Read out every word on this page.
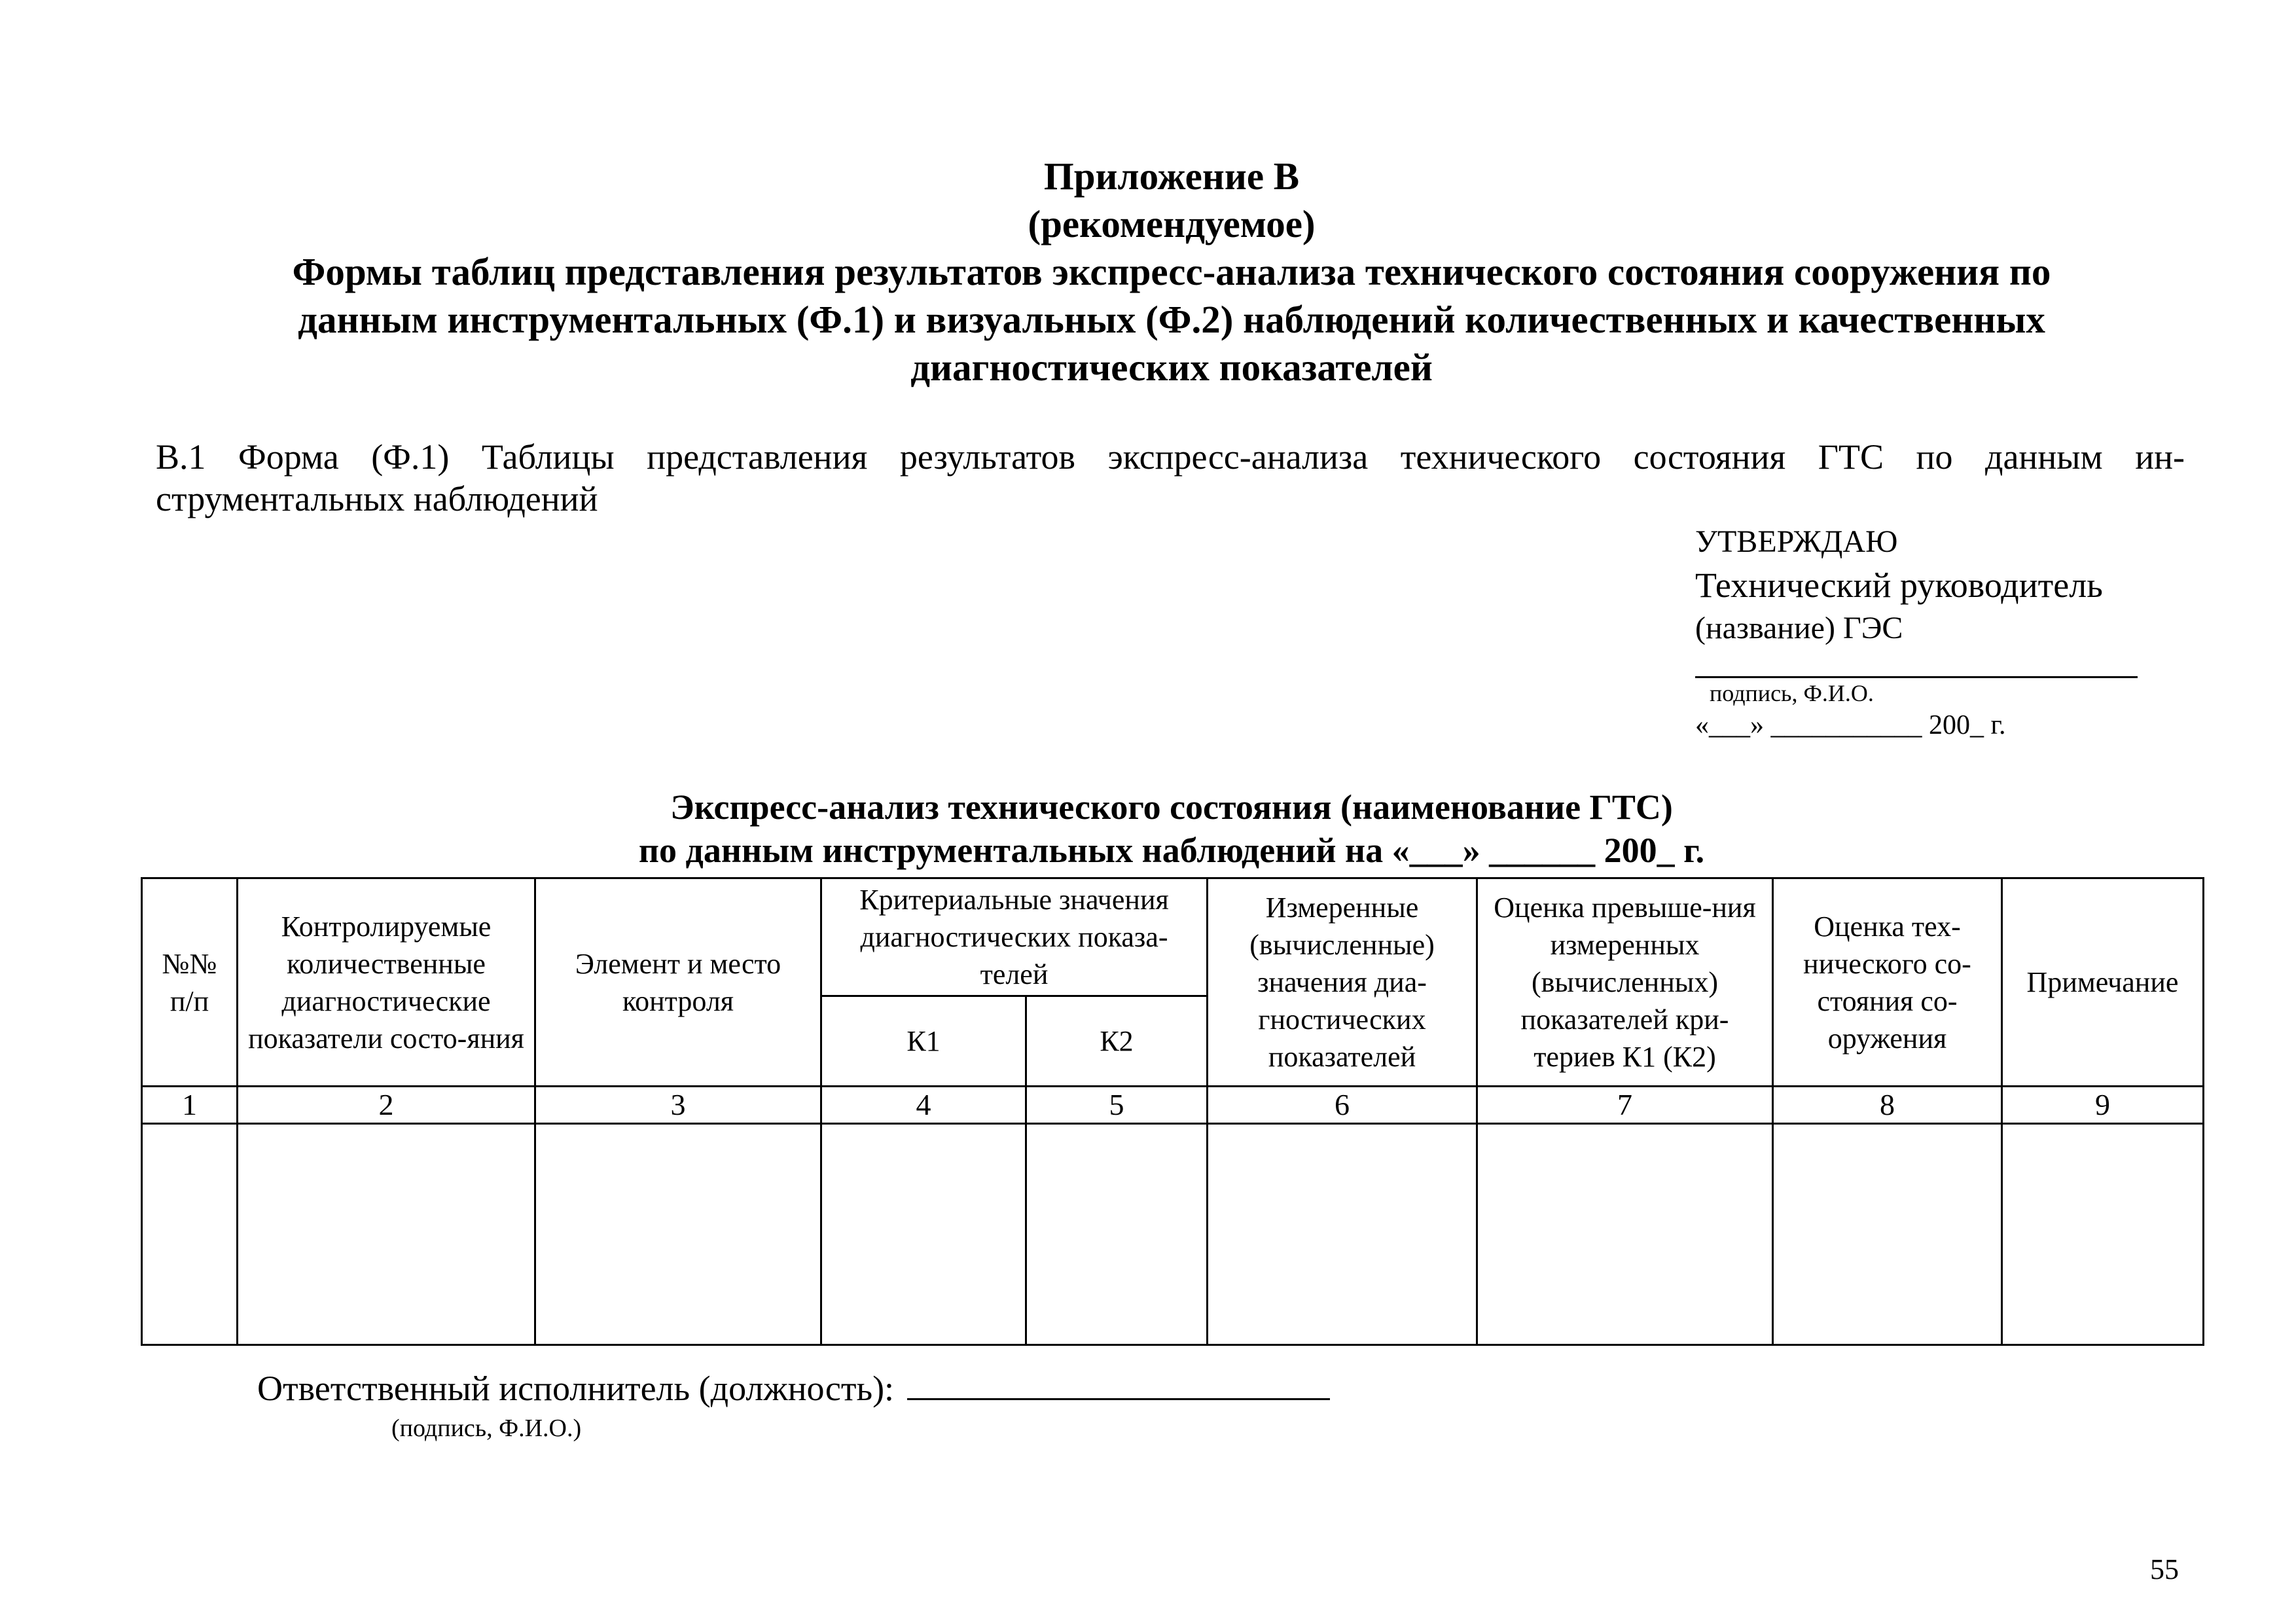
Приложение В
(рекомендуемое)
Формы таблиц представления результатов экспресс-анализа технического состояния сооружения по
данным инструментальных (Ф.1) и визуальных (Ф.2) наблюдений количественных и качественных
диагностических показателей
В.1 Форма (Ф.1) Таблицы представления результатов экспресс-анализа технического состояния ГТС по данным ин-
струментальных наблюдений
УТВЕРЖДАЮ
Технический руководитель
(название) ГЭС
подпись, Ф.И.О.
«___» ___________ 200_ г.
Экспресс-анализ технического состояния (наименование ГТС)
по данным инструментальных наблюдений на «___» ______ 200_ г.
№№ п/п	Контролируемые количественные диагностические показатели состо-яния	Элемент и место контроля	Критериальные значения диагностических показа-телей		Измеренные (вычисленные) значения диа-гностических показателей	Оценка превыше-ния измеренных (вычисленных) показателей кри-териев К1 (К2)	Оценка тех-нического со-стояния со-оружения	Примечание
			К1	К2				
1	2	3	4	5	6	7	8	9

Ответственный исполнитель (должность):
(подпись, Ф.И.О.)
55
